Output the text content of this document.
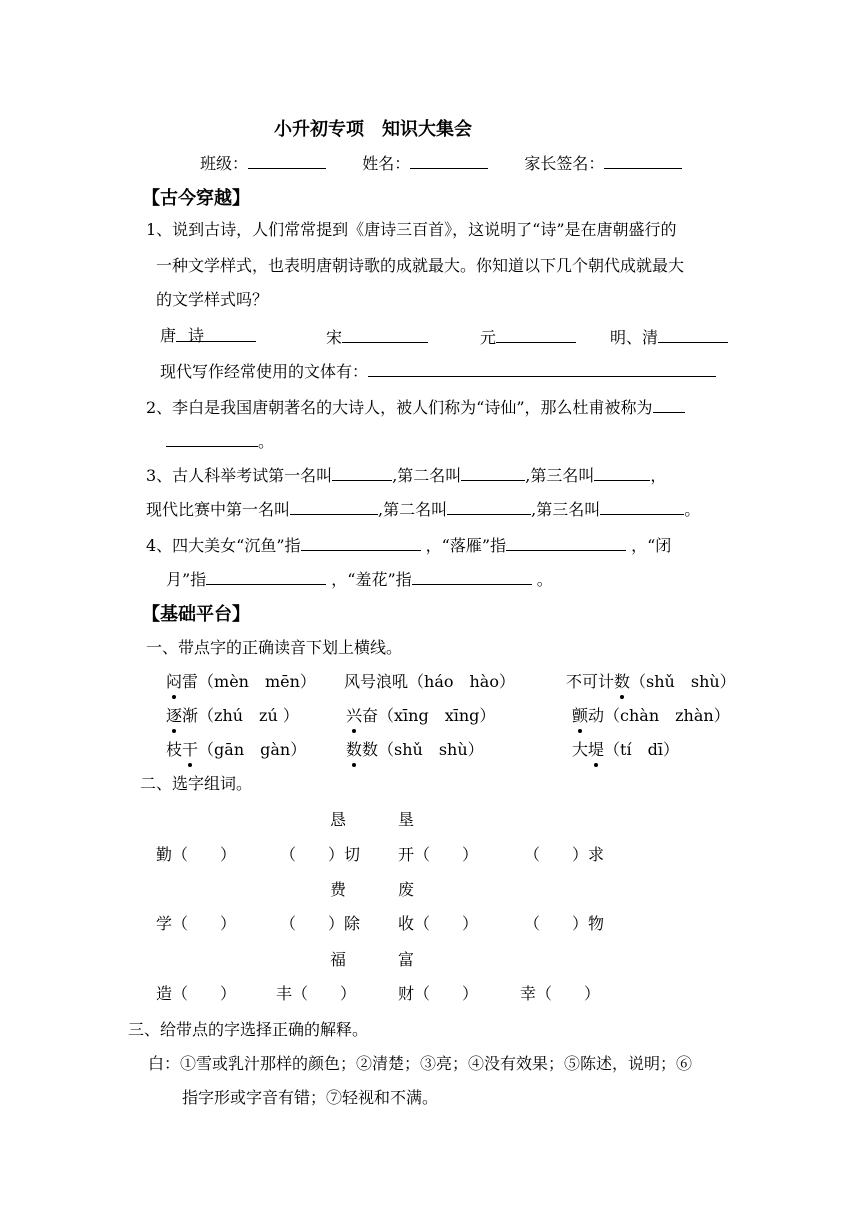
小升初专项　知识大集会
班级：	姓名：	家长签名：
【古今穿越】
1、说到古诗，人们常常提到《唐诗三百首》，这说明了“诗”是在唐朝盛行的
一种文学样式，也表明唐朝诗歌的成就最大。你知道以下几个朝代成就最大
的文学样式吗？
唐 诗	宋	元	明、清
现代写作经常使用的文体有：
2、李白是我国唐朝著名的大诗人，被人们称为“诗仙”，那么杜甫被称为
。
3、古人科举考试第一名叫	,第二名叫	,第三名叫	，
现代比赛中第一名叫	,第二名叫	,第三名叫	。
4、四大美女“沉鱼”指	，“落雁”指	，“闭
月”指	，“羞花”指	。
【基础平台】
一、带点字的正确读音下划上横线。
闷雷（mèn　mēn） 风号浪吼（háo　hào）	不可计数（shǔ　shù）
逐渐（zhú　zú ）	兴奋（xīng　xīng）	颤动（chàn　zhàn）
枝干（gān　gàn） 数数（shǔ　shù）	大堤（tí　dī）
二、选字组词。
恳	垦
勤（　　）	（　　）切 开（　　）	（　　）求
费	废
学（　　）	（　　）除 收（　　）	（　　）物
福	富
造（　　） 丰（　　）	财（　　）	幸（　　）
三、给带点的字选择正确的解释。
白：①雪或乳汁那样的颜色；②清楚；③亮；④没有效果；⑤陈述，说明；⑥
指字形或字音有错；⑦轻视和不满。
